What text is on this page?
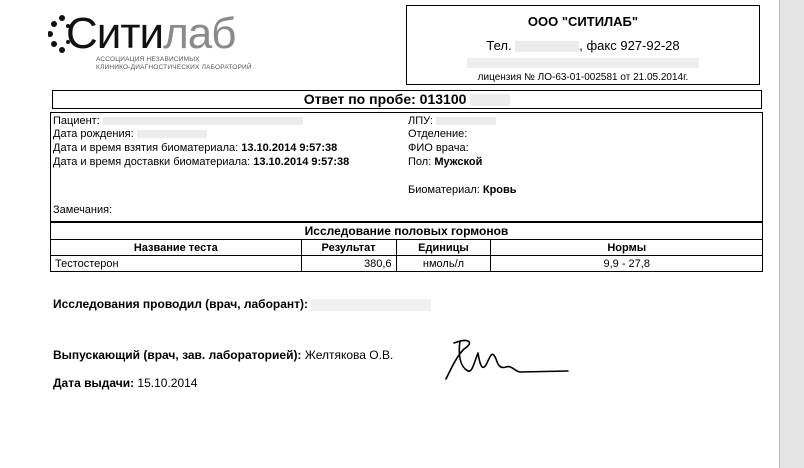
Ситилаб
АССОЦИАЦИЯ НЕЗАВИСИМЫХ
КЛИНИКО-ДИАГНОСТИЧЕСКИХ ЛАБОРАТОРИЙ
ООО "СИТИЛАБ"
Тел.	, факс 927-92-28
лицензия № ЛО-63-01-002581 от 21.05.2014г.
Ответ по пробе: 013100
Пациент:
Дата рождения:
Дата и время взятия биоматериала: 13.10.2014 9:57:38
Дата и время доставки биоматериала: 13.10.2014 9:57:38
ЛПУ:
Отделение:
ФИО врача:
Пол: Мужской
Биоматериал: Кровь
Замечания:
Исследование половых гормонов			
Название теста	Результат	Единицы	Нормы
Тестостерон	380,6	нмоль/л	9,9 - 27,8
Исследования проводил (врач, лаборант):
Выпускающий (врач, зав. лабораторией): Желтякова О.В.
Дата выдачи: 15.10.2014
